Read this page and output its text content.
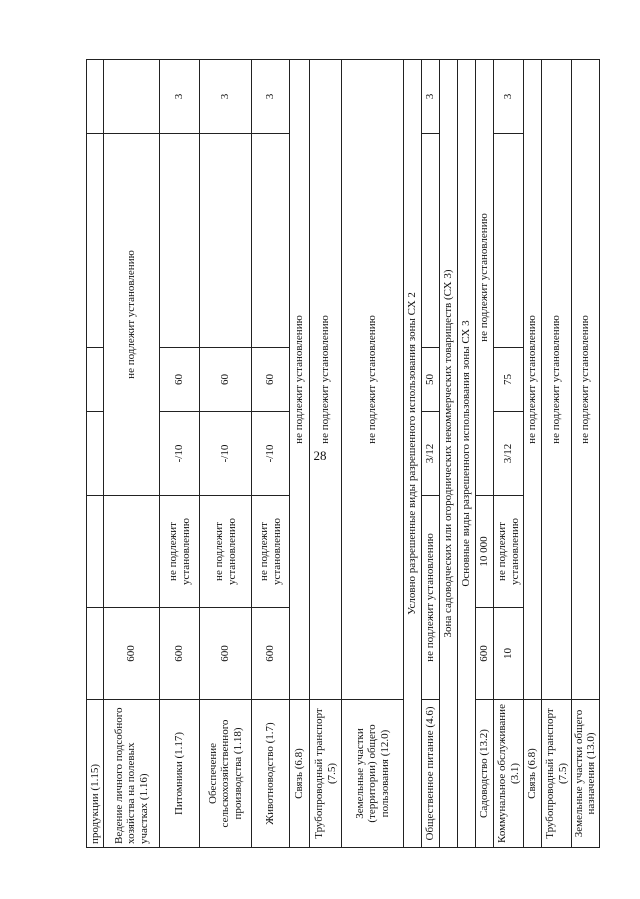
28
продукции (1.15)						
Ведение личного подсобного хозяйства на полевых участках (1.16)	600		не подлежит установлению			
Питомники (1.17)	600	не подлежит установлению	-/10	60		3
Обеспечение сельскохозяйственного производства (1.18)	600	не подлежит установлению	-/10	60		3
Животноводство (1.7)	600	не подлежит установлению	-/10	60		3
Связь (6.8)	не подлежит установлению					
Трубопроводный транспорт (7.5)	не подлежит установлению					
Земельные участки (территории) общего пользования (12.0)	не подлежит установлению					
Условно разрешенные виды разрешенного использования зоны СХ 2						
Общественное питание (4.6)	не подлежит установлению		3/12	50		3
Зона садоводческих или огороднических некоммерческих товариществ (СХ 3)						
Основные виды разрешенного использования зоны СХ 3						
Садоводство (13.2)	600	10 000	не подлежит установлению			
Коммунальное обслуживание (3.1)	10	не подлежит установлению	3/12	75		3
Связь (6.8)	не подлежит установлению					
Трубопроводный транспорт (7.5)	не подлежит установлению					
Земельные участки общего назначения (13.0)	не подлежит установлению					
